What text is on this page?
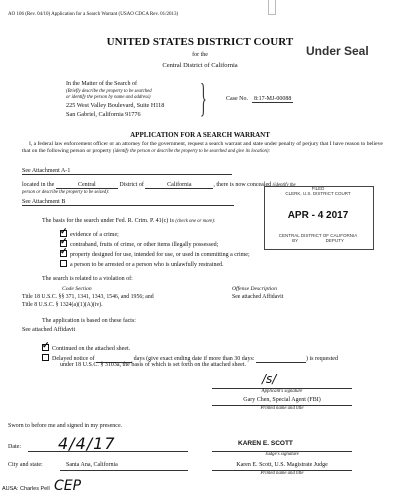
AO 106 (Rev. 04/10) Application for a Search Warrant (USAO CDCA Rev. 01/2013)
UNITED STATES DISTRICT COURT
for the
Central District of California
Under Seal
In the Matter of the Search of
(Briefly describe the property to be searched
or identify the person by name and address)
225 West Valley Boulevard, Suite H118
San Gabriel, California 91776 }	Case No.	8:17-MJ-00088
APPLICATION FOR A SEARCH WARRANT
I, a federal law enforcement officer or an attorney for the government, request a search warrant and state under penalty of perjury that I have reason to believe that on the following person or property (identify the person or describe the property to be searched and give its location):
See Attachment A-1
located in the	Central	District of	California	, there is now concealed (identify the
person or describe the property to be seized):
See Attachment B
FILED
CLERK, U.S. DISTRICT COURT
APR - 4 2017
CENTRAL DISTRICT OF CALIFORNIA
BY	DEPUTY
The basis for the search under Fed. R. Crim. P. 41(c) is (check one or more):
✓evidence of a crime;
✓contraband, fruits of crime, or other items illegally possessed;
✓property designed for use, intended for use, or used in committing a crime;
a person to be arrested or a person who is unlawfully restrained.
The search is related to a violation of:
Code Section	Offense Description
Title 18 U.S.C. §§ 371, 1341, 1343, 1546, and 1956; and
Title 8 U.S.C. § 1324(a)(1)(A)(iv).
See attached Affidavit
The application is based on these facts:
See attached Affidavit
✓Continued on the attached sheet.
Delayed notice of	days (give exact ending date if more than 30 days:	) is requested
under 18 U.S.C. § 3103a, the basis of which is set forth on the attached sheet.
/s/
Applicant's signature
Gary Chen, Special Agent (FBI)
Printed name and title
Sworn to before me and signed in my presence.
Date: 4/4/17	KAREN E. SCOTT
Judge's signature
City and state:	Santa Ana, California	Karen E. Scott, U.S. Magistrate Judge
Printed name and title
AUSA: Charles Pell CEP
